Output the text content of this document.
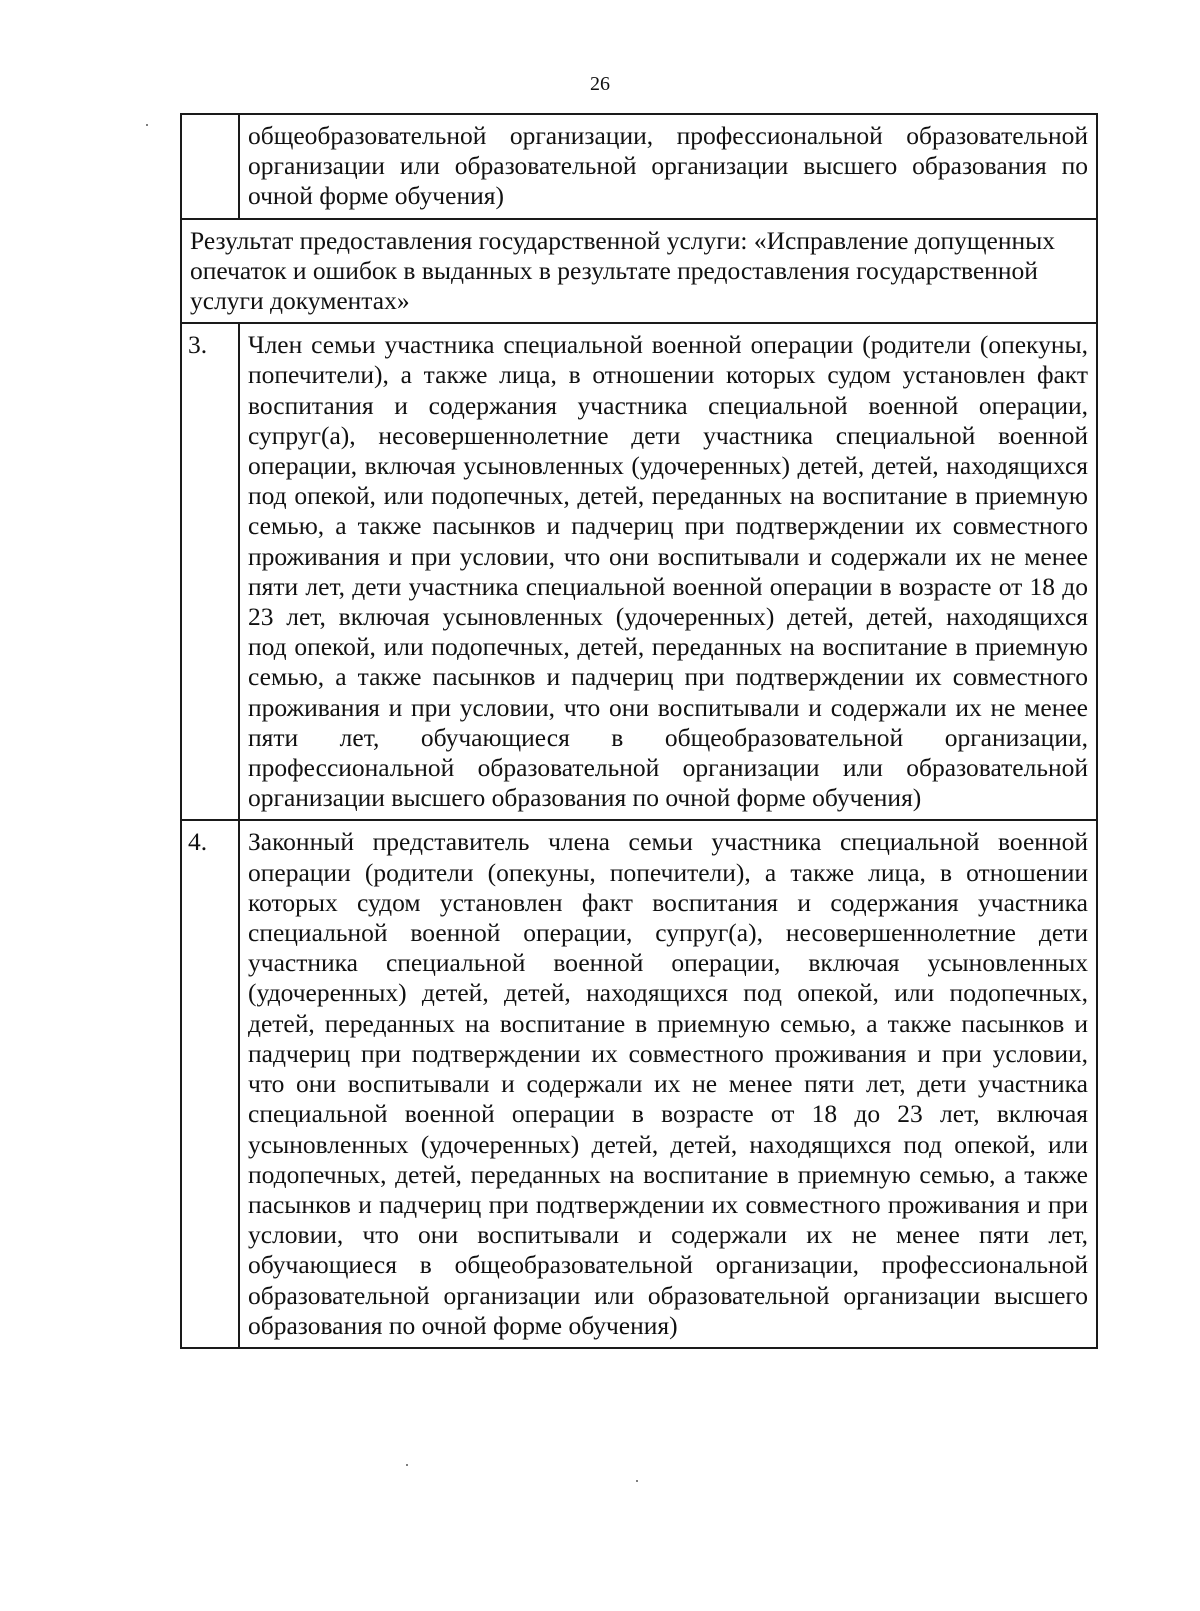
26
	общеобразовательной организации, профессиональной образовательной организации или образовательной организации высшего образования по очной форме обучения)
Результат предоставления государственной услуги: «Исправление допущенных опечаток и ошибок в выданных в результате предоставления государственной услуги документах»	
3.	Член семьи участника специальной военной операции (родители (опекуны, попечители), а также лица, в отношении которых судом установлен факт воспитания и содержания участника специальной военной операции, супруг(а), несовершеннолетние дети участника специальной военной операции, включая усыновленных (удочеренных) детей, детей, находящихся под опекой, или подопечных, детей, переданных на воспитание в приемную семью, а также пасынков и падчериц при подтверждении их совместного проживания и при условии, что они воспитывали и содержали их не менее пяти лет, дети участника специальной военной операции в возрасте от 18 до 23 лет, включая усыновленных (удочеренных) детей, детей, находящихся под опекой, или подопечных, детей, переданных на воспитание в приемную семью, а также пасынков и падчериц при подтверждении их совместного проживания и при условии, что они воспитывали и содержали их не менее пяти лет, обучающиеся в общеобразовательной организации, профессиональной образовательной организации или образовательной организации высшего образования по очной форме обучения)
4.	Законный представитель члена семьи участника специальной военной операции (родители (опекуны, попечители), а также лица, в отношении которых судом установлен факт воспитания и содержания участника специальной военной операции, супруг(а), несовершеннолетние дети участника специальной военной операции, включая усыновленных (удочеренных) детей, детей, находящихся под опекой, или подопечных, детей, переданных на воспитание в приемную семью, а также пасынков и падчериц при подтверждении их совместного проживания и при условии, что они воспитывали и содержали их не менее пяти лет, дети участника специальной военной операции в возрасте от 18 до 23 лет, включая усыновленных (удочеренных) детей, детей, находящихся под опекой, или подопечных, детей, переданных на воспитание в приемную семью, а также пасынков и падчериц при подтверждении их совместного проживания и при условии, что они воспитывали и содержали их не менее пяти лет, обучающиеся в общеобразовательной организации, профессиональной образовательной организации или образовательной организации высшего образования по очной форме обучения)
